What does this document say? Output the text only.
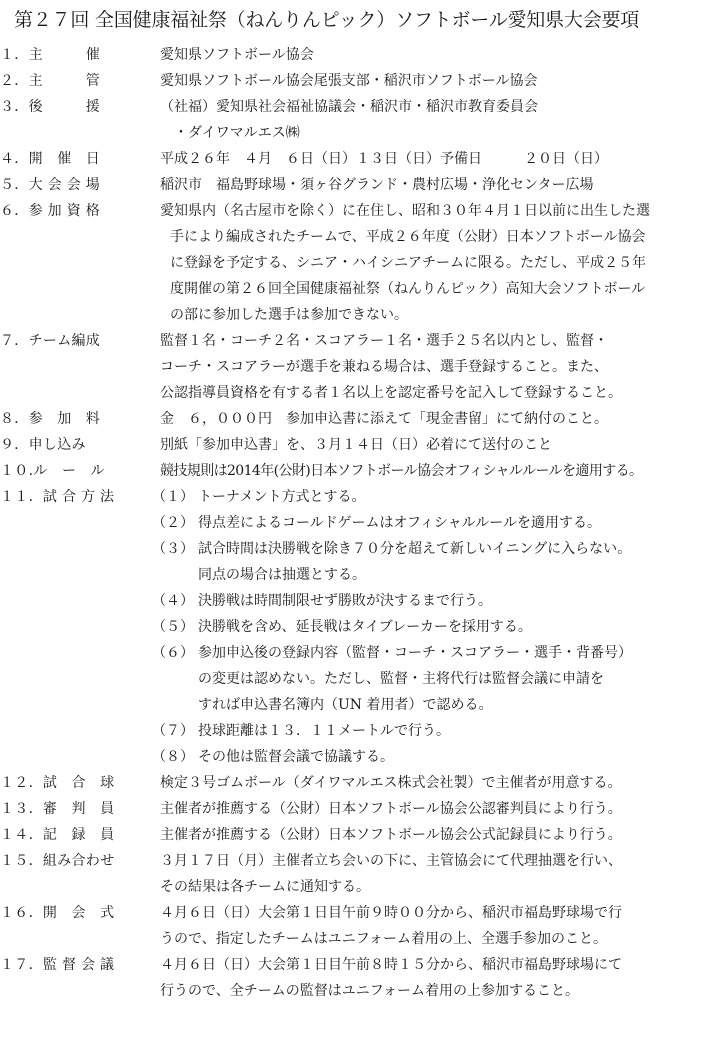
第２７回 全国健康福祉祭（ねんりんピック）ソフトボール愛知県大会要項
１．主　　　催	愛知県ソフトボール協会
２．主　　　管	愛知県ソフトボール協会尾張支部・稲沢市ソフトボール協会
３．後　　　援	（社福）愛知県社会福祉協議会・稲沢市・稲沢市教育委員会
　・ダイワマルエス㈱
４．開　催　日	平成２６年　４月　６日（日）１３日（日）予備日　　　２０日（日）
５．大 会 会 場	稲沢市　福島野球場・須ヶ谷グランド・農村広場・浄化センター広場
６．参 加 資 格	愛知県内（名古屋市を除く）に在住し、昭和３０年４月１日以前に出生した選
手により編成されたチームで、平成２６年度（公財）日本ソフトボール協会
に登録を予定する、シニア・ハイシニアチームに限る。ただし、平成２５年
度開催の第２６回全国健康福祉祭（ねんりんピック）高知大会ソフトボール
の部に参加した選手は参加できない。
７．チーム編成	監督１名・コーチ２名・スコアラー１名・選手２５名以内とし、監督・
コーチ・スコアラーが選手を兼ねる場合は、選手登録すること。また、
公認指導員資格を有する者１名以上を認定番号を記入して登録すること。
８．参　加　料	金　６，０００円　参加申込書に添えて「現金書留」にて納付のこと。
９．申し込み	別紙「参加申込書」を、３月１４日（日）必着にて送付のこと
１０.ル　ー　ル	競技規則は2014年(公財)日本ソフトボール協会オフィシャルルールを適用する。
１１．試 合 方 法	（１） トーナメント方式とする。
（２） 得点差によるコールドゲームはオフィシャルルールを適用する。
（３） 試合時間は決勝戦を除き７０分を超えて新しいイニングに入らない。
同点の場合は抽選とする。
（４） 決勝戦は時間制限せず勝敗が決するまで行う。
（５） 決勝戦を含め、延長戦はタイブレーカーを採用する。
（６） 参加申込後の登録内容（監督・コーチ・スコアラー・選手・背番号）
の変更は認めない。ただし、監督・主将代行は監督会議に申請を
すれば申込書名簿内（UN 着用者）で認める。
（７） 投球距離は１３．１１メートルで行う。
（８） その他は監督会議で協議する。
１２．試　合　球	検定３号ゴムボール（ダイワマルエス株式会社製）で主催者が用意する。
１３．審　判　員	主催者が推薦する（公財）日本ソフトボール協会公認審判員により行う。
１４．記　録　員	主催者が推薦する（公財）日本ソフトボール協会公式記録員により行う。
１５．組み合わせ	３月１７日（月）主催者立ち会いの下に、主管協会にて代理抽選を行い、
その結果は各チームに通知する。
１６．開　会　式	４月６日（日）大会第１日目午前９時００分から、稲沢市福島野球場で行
うので、指定したチームはユニフォーム着用の上、全選手参加のこと。
１７．監 督 会 議	４月６日（日）大会第１日目午前８時１５分から、稲沢市福島野球場にて
行うので、全チームの監督はユニフォーム着用の上参加すること。
